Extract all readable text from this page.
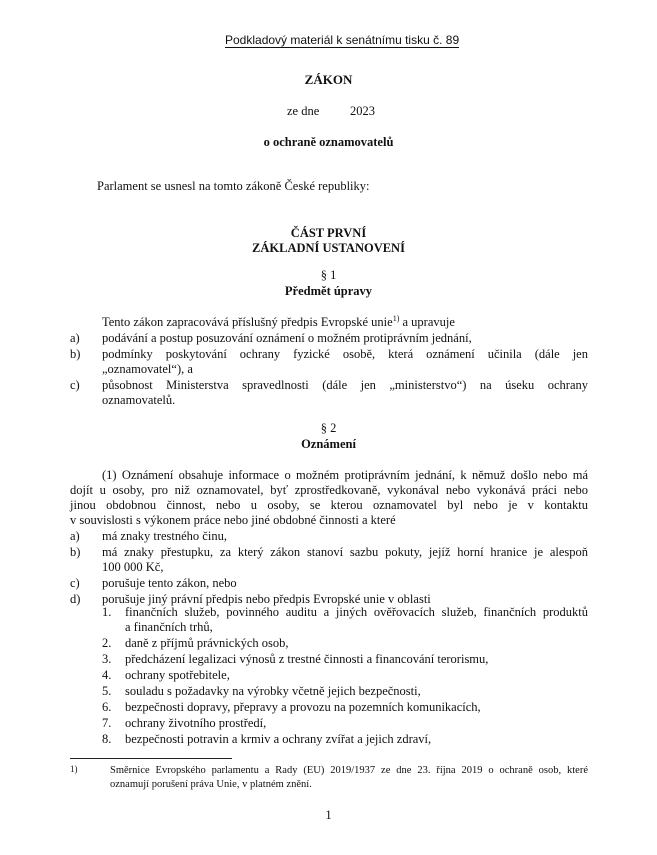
Podkladový materiál k senátnímu tisku č. 89
ZÁKON
ze dne 2023
o ochraně oznamovatelů
Parlament se usnesl na tomto zákoně České republiky:
ČÁST PRVNÍ
ZÁKLADNÍ USTANOVENÍ
§ 1
Předmět úpravy
Tento zákon zapracovává příslušný předpis Evropské unie$^{1)}$ a upravuje
a) podávání a postup posuzování oznámení o možném protiprávním jednání,
b) podmínky poskytování ochrany fyzické osobě, která oznámení učinila (dále jen
„oznamovatel“), a
c) působnost Ministerstva spravedlnosti (dále jen „ministerstvo“) na úseku ochrany
oznamovatelů.
§ 2
Oznámení
(1) Oznámení obsahuje informace o možném protiprávním jednání, k němuž došlo nebo má
dojít u osoby, pro niž oznamovatel, byť zprostředkovaně, vykonával nebo vykonává práci nebo
jinou obdobnou činnost, nebo u osoby, se kterou oznamovatel byl nebo je v kontaktu
v souvislosti s výkonem práce nebo jiné obdobné činnosti a které
a) má znaky trestného činu,
b) má znaky přestupku, za který zákon stanoví sazbu pokuty, jejíž horní hranice je alespoň
100 000 Kč,
c) porušuje tento zákon, nebo
d) porušuje jiný právní předpis nebo předpis Evropské unie v oblasti
1. finančních služeb, povinného auditu a jiných ověřovacích služeb, finančních produktů
a finančních trhů,
2. daně z příjmů právnických osob,
3. předcházení legalizaci výnosů z trestné činnosti a financování terorismu,
4. ochrany spotřebitele,
5. souladu s požadavky na výrobky včetně jejich bezpečnosti,
6. bezpečnosti dopravy, přepravy a provozu na pozemních komunikacích,
7. ochrany životního prostředí,
8. bezpečnosti potravin a krmiv a ochrany zvířat a jejich zdraví,
1)	Směrnice Evropského parlamentu a Rady (EU) 2019/1937 ze dne 23. října 2019 o ochraně osob, které
oznamují porušení práva Unie, v platném znění.
1
